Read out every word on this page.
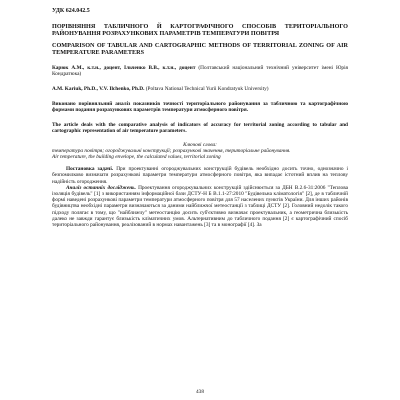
УДК 624.042.5

ПОРІВНЯННЯ ТАБЛИЧНОГО Й КАРТОГРАФІЧНОГО СПОСОБІВ ТЕРИТОРІАЛЬНОГО РАЙОНУВАННЯ РОЗРАХУНКОВИХ ПАРАМЕТРІВ ТЕМПЕРАТУРИ ПОВІТРЯ

COMPARISON OF TABULAR AND CARTOGRAPHIC METHODS OF TERRITORIAL ZONING OF AIR TEMPERATURE PARAMETERS

Карюк А.М., к.т.н., доцент, Ільченко В.В., к.т.н., доцент (Полтавський національний технічний університет імені Юрія Кондратюка)

A.M. Kariuk, Ph.D., V.V. Ilchenko, Ph.D. (Poltava National Technical Yurii Kondratyuk University)

Виконано порівняльний аналіз показників точності територіального районування за табличною та картографічною формами подання розрахункових параметрів температури атмосферного повітря.

The article deals with the comparative analysis of indicators of accuracy for territorial zoning according to tabular and cartographic representation of air temperature parameters.

Ключові слова:

температура повітря; огороджувальні конструкції; розрахункові значення, територіальне районування.

Air temperature, the building envelope, the calculated values, territorial zoning

Постановка задачі. При проектуванні огороджувальних конструкцій будівель необхідно досить точно, однозначно і безпомилково визначати розрахункові параметри температури атмосферного повітря, яка випадає істотний вплив на теплову надійність огородження.

Аналіз останніх досліджень. Проектування огороджувальних конструкцій здійснюється за ДБН В.2.6-31:2006 "Теплова ізоляція будівель" [1] з використанням інформаційної бази ДСТУ-Н Б В.1.1-27:2010 "Будівельна кліматологія" [2], де в табличній формі наведені розрахункові параметри температури атмосферного повітря для 57 населених пунктів України. Для інших районів будівництва необхідні параметри визначаються за даними найближчої метеостанції з таблиці ДСТУ [2]. Головний недолік такого підходу полягає в тому, що "найближчу" метеостанцію досить суб'єктивно визначає проектувальник, а геометрична близькість далеко не завжди гарантує близькість кліматичних умов. Альтернативним до табличного подання [2] є картографічний спосіб територіального районування, реалізований в нормах навантажень [3] та в монографії [4]. За

438
